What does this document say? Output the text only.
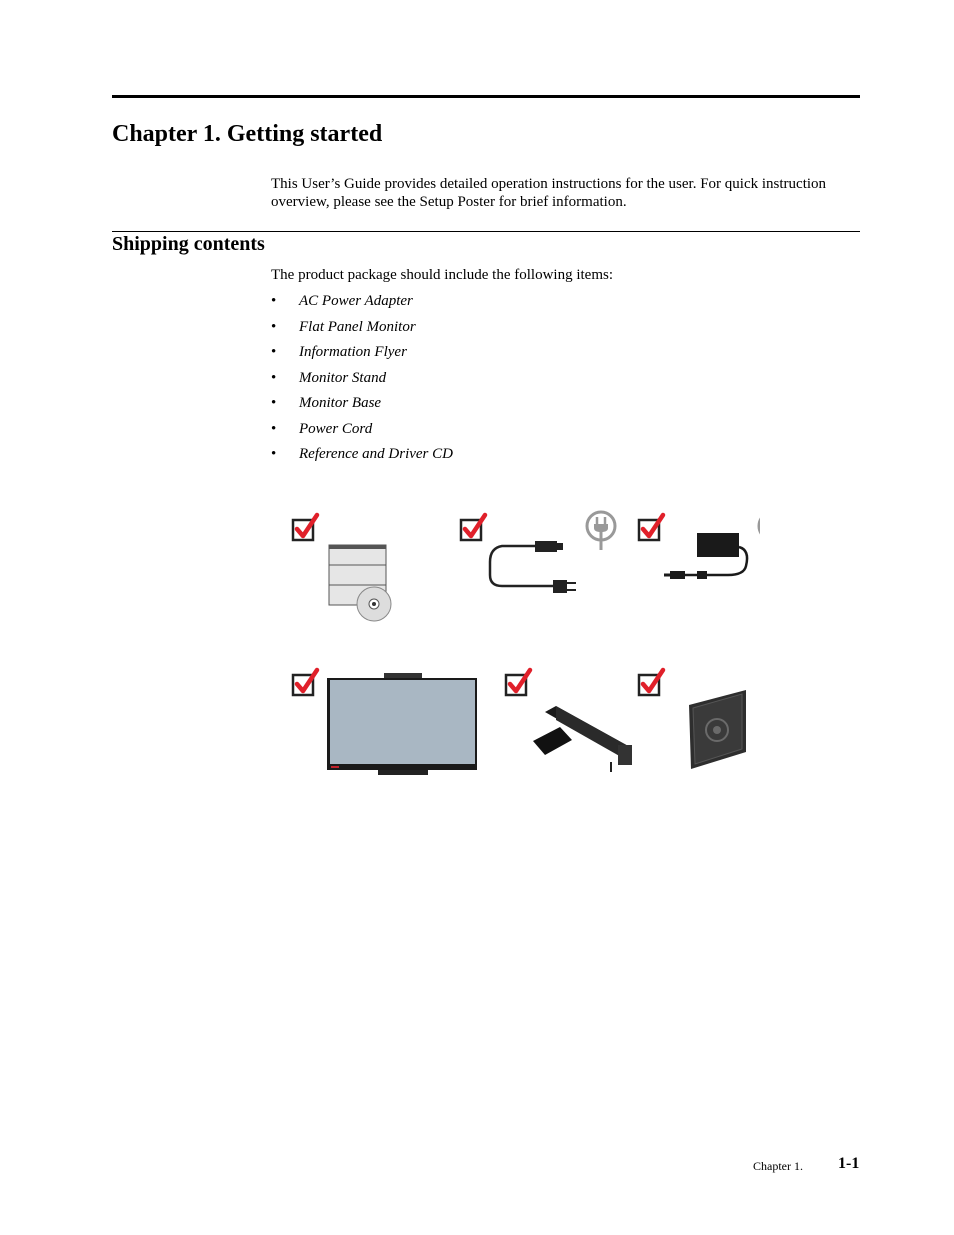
Chapter 1. Getting started

This User’s Guide provides detailed operation instructions for the user. For quick instruction overview, please see the Setup Poster for brief information.

Shipping contents

The product package should include the following items:

• AC Power Adapter
• Flat Panel Monitor
• Information Flyer
• Monitor Stand
• Monitor Base
• Power Cord
• Reference and Driver CD
Chapter 1. 1-1
